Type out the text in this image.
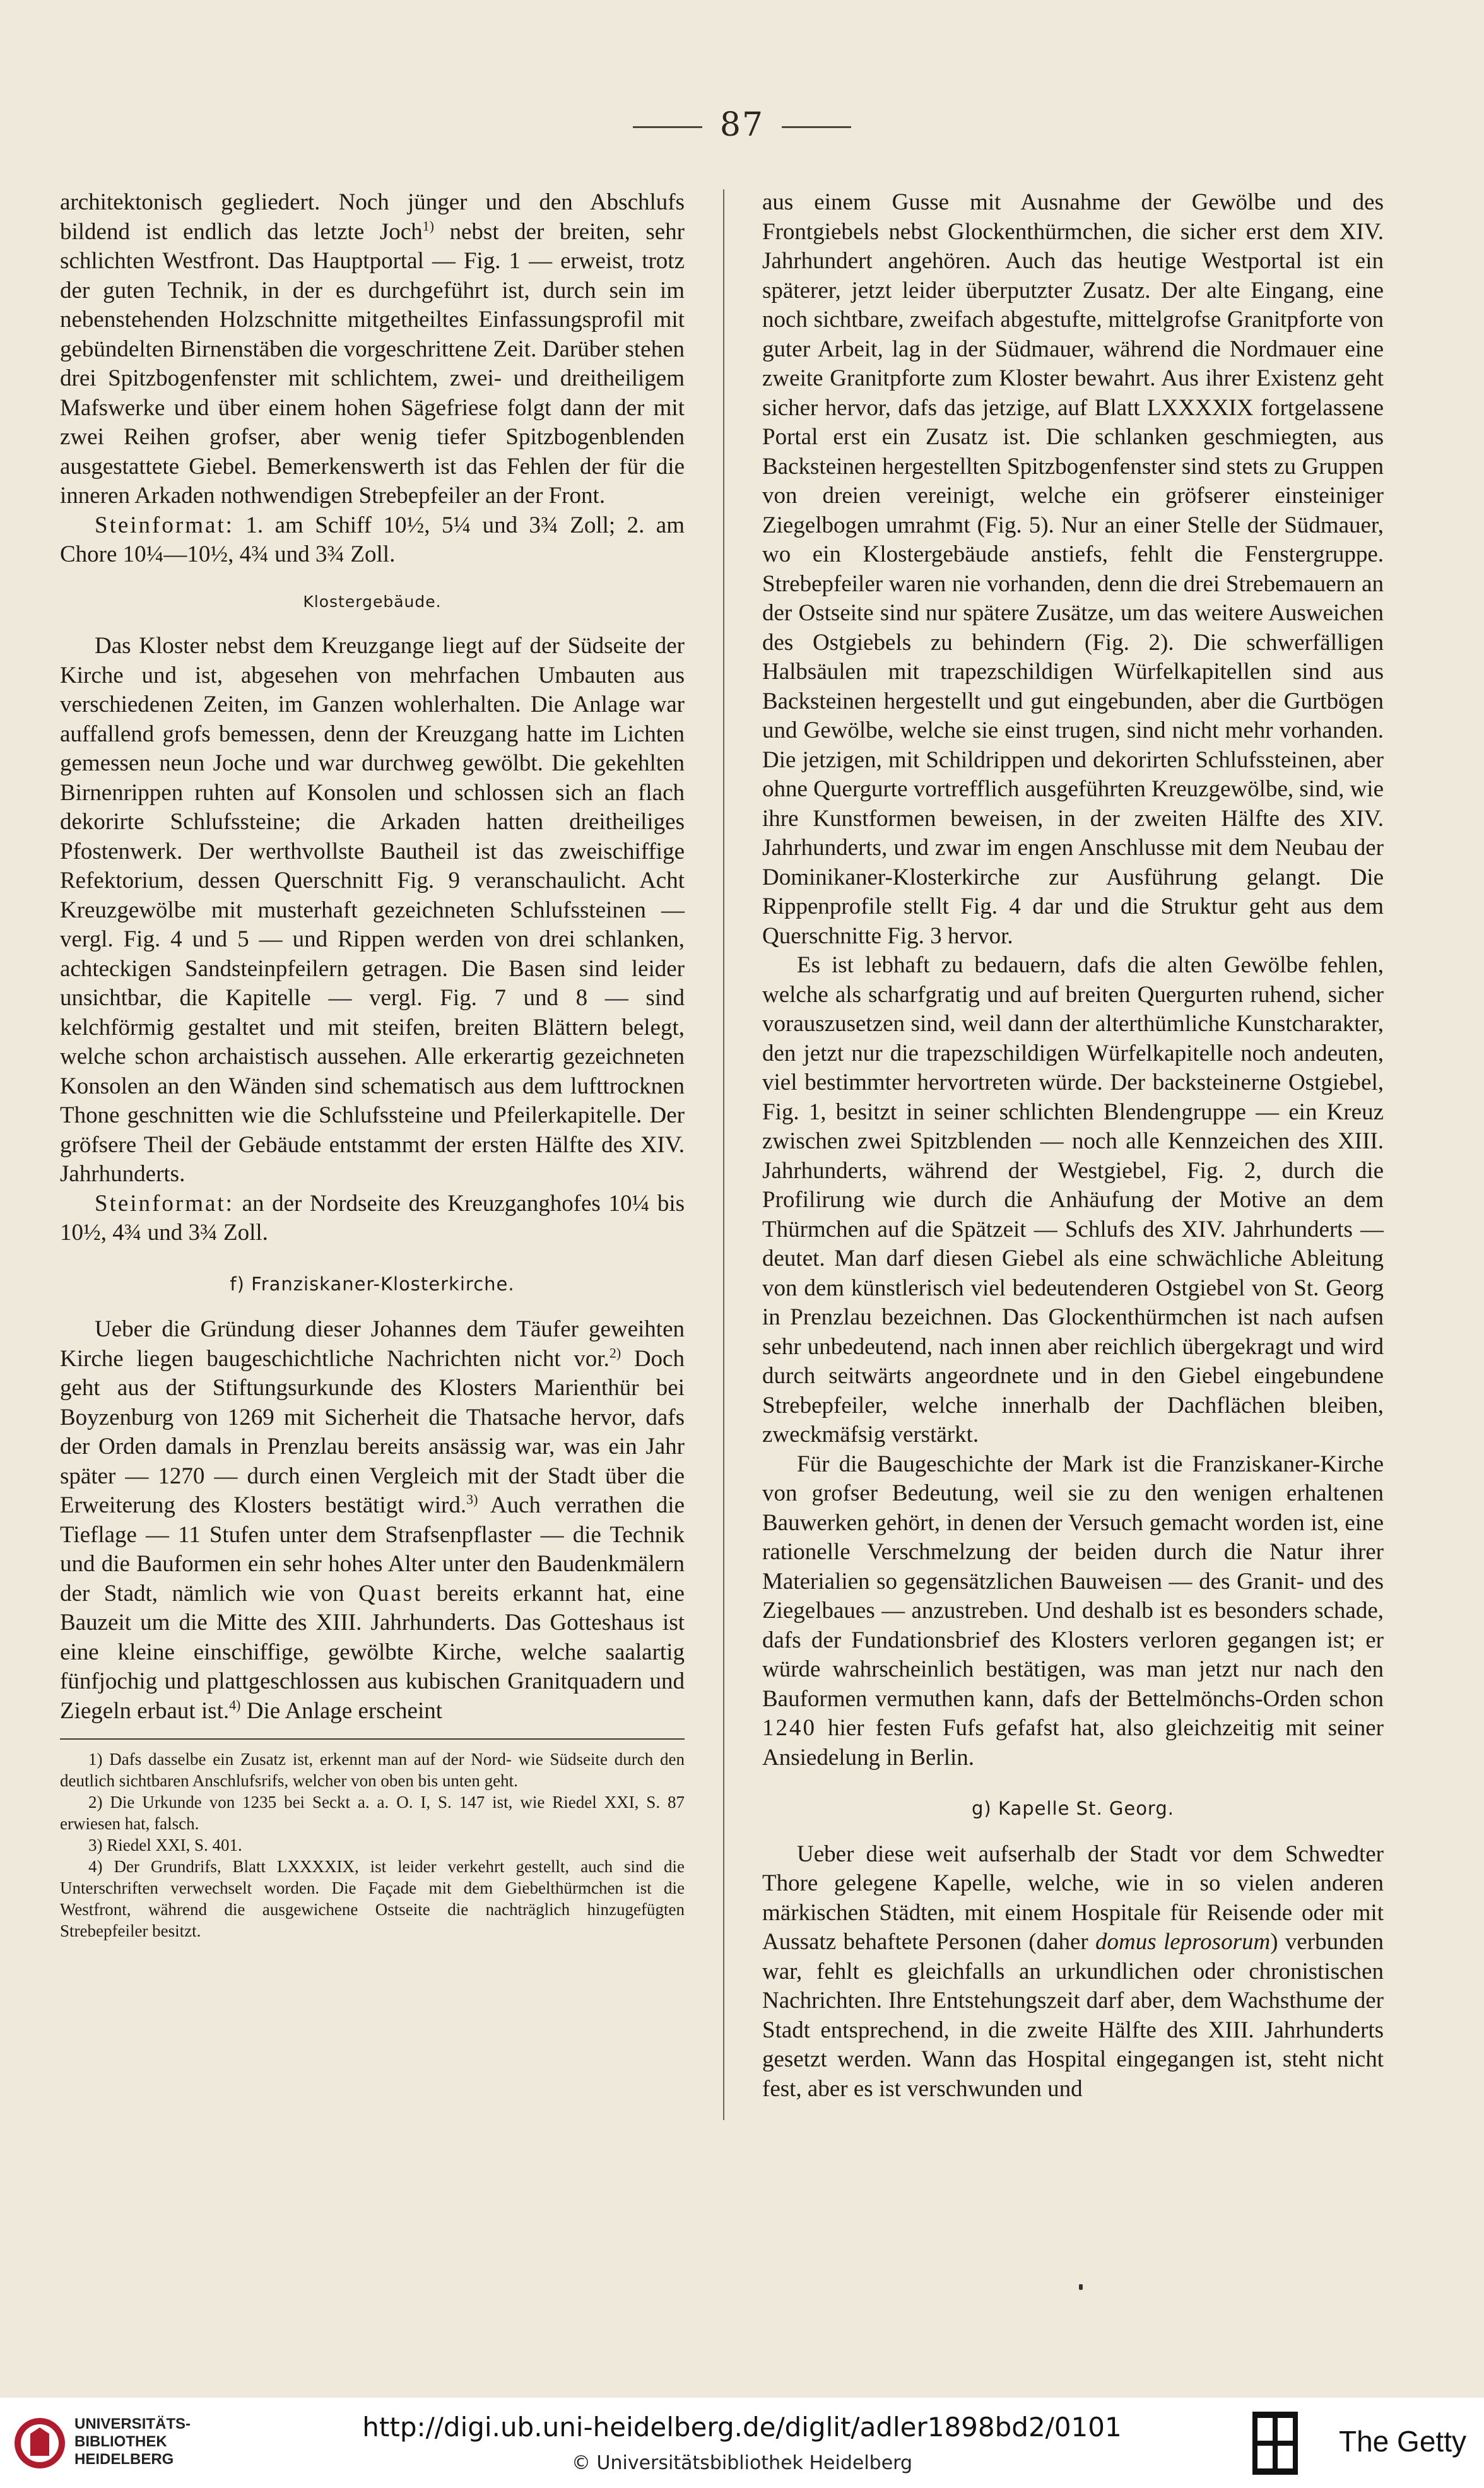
87

architektonisch gegliedert. Noch jünger und den Abschlufs bildend ist endlich das letzte Joch$^{1)}$ nebst der breiten, sehr schlichten Westfront. Das Hauptportal — Fig. 1 — erweist, trotz der guten Technik, in der es durchgeführt ist, durch sein im nebenstehenden Holzschnitte mitgetheiltes Einfassungsprofil mit gebündelten Birnenstäben die vorgeschrittene Zeit. Darüber stehen drei Spitzbogenfenster mit schlichtem, zwei- und dreitheiligem Mafswerke und über einem hohen Sägefriese folgt dann der mit zwei Reihen grofser, aber wenig tiefer Spitzbogenblenden ausgestattete Giebel. Bemerkenswerth ist das Fehlen der für die inneren Arkaden nothwendigen Strebepfeiler an der Front.

Steinformat: 1. am Schiff 10½, 5¼ und 3¾ Zoll; 2. am Chore 10¼—10½, 4¾ und 3¾ Zoll.

Klostergebäude.

Das Kloster nebst dem Kreuzgange liegt auf der Südseite der Kirche und ist, abgesehen von mehrfachen Umbauten aus verschiedenen Zeiten, im Ganzen wohlerhalten. Die Anlage war auffallend grofs bemessen, denn der Kreuzgang hatte im Lichten gemessen neun Joche und war durchweg gewölbt. Die gekehlten Birnenrippen ruhten auf Konsolen und schlossen sich an flach dekorirte Schlufssteine; die Arkaden hatten dreitheiliges Pfostenwerk. Der werthvollste Bautheil ist das zweischiffige Refektorium, dessen Querschnitt Fig. 9 veranschaulicht. Acht Kreuzgewölbe mit musterhaft gezeichneten Schlufssteinen — vergl. Fig. 4 und 5 — und Rippen werden von drei schlanken, achteckigen Sandsteinpfeilern getragen. Die Basen sind leider unsichtbar, die Kapitelle — vergl. Fig. 7 und 8 — sind kelchförmig gestaltet und mit steifen, breiten Blättern belegt, welche schon archaistisch aussehen. Alle erkerartig gezeichneten Konsolen an den Wänden sind schematisch aus dem lufttrocknen Thone geschnitten wie die Schlufssteine und Pfeilerkapitelle. Der gröfsere Theil der Gebäude entstammt der ersten Hälfte des XIV. Jahrhunderts.

Steinformat: an der Nordseite des Kreuzganghofes 10¼ bis 10½, 4¾ und 3¾ Zoll.

f) Franziskaner-Klosterkirche.

Ueber die Gründung dieser Johannes dem Täufer geweihten Kirche liegen baugeschichtliche Nachrichten nicht vor.$^{2)}$ Doch geht aus der Stiftungsurkunde des Klosters Marienthür bei Boyzenburg von 1269 mit Sicherheit die Thatsache hervor, dafs der Orden damals in Prenzlau bereits ansässig war, was ein Jahr später — 1270 — durch einen Vergleich mit der Stadt über die Erweiterung des Klosters bestätigt wird.$^{3)}$ Auch verrathen die Tieflage — 11 Stufen unter dem Strafsenpflaster — die Technik und die Bauformen ein sehr hohes Alter unter den Baudenkmälern der Stadt, nämlich wie von Quast bereits erkannt hat, eine Bauzeit um die Mitte des XIII. Jahrhunderts. Das Gotteshaus ist eine kleine einschiffige, gewölbte Kirche, welche saalartig fünfjochig und plattgeschlossen aus kubischen Granitquadern und Ziegeln erbaut ist.$^{4)}$ Die Anlage erscheint

1) Dafs dasselbe ein Zusatz ist, erkennt man auf der Nord- wie Südseite durch den deutlich sichtbaren Anschlufsrifs, welcher von oben bis unten geht.

2) Die Urkunde von 1235 bei Seckt a. a. O. I, S. 147 ist, wie Riedel XXI, S. 87 erwiesen hat, falsch.

3) Riedel XXI, S. 401.

4) Der Grundrifs, Blatt LXXXXIX, ist leider verkehrt gestellt, auch sind die Unterschriften verwechselt worden. Die Façade mit dem Giebelthürmchen ist die Westfront, während die ausgewichene Ostseite die nachträglich hinzugefügten Strebepfeiler besitzt.

aus einem Gusse mit Ausnahme der Gewölbe und des Frontgiebels nebst Glockenthürmchen, die sicher erst dem XIV. Jahrhundert angehören. Auch das heutige Westportal ist ein späterer, jetzt leider überputzter Zusatz. Der alte Eingang, eine noch sichtbare, zweifach abgestufte, mittelgrofse Granitpforte von guter Arbeit, lag in der Südmauer, während die Nordmauer eine zweite Granitpforte zum Kloster bewahrt. Aus ihrer Existenz geht sicher hervor, dafs das jetzige, auf Blatt LXXXXIX fortgelassene Portal erst ein Zusatz ist. Die schlanken geschmiegten, aus Backsteinen hergestellten Spitzbogenfenster sind stets zu Gruppen von dreien vereinigt, welche ein gröfserer einsteiniger Ziegelbogen umrahmt (Fig. 5). Nur an einer Stelle der Südmauer, wo ein Klostergebäude anstiefs, fehlt die Fenstergruppe. Strebepfeiler waren nie vorhanden, denn die drei Strebemauern an der Ostseite sind nur spätere Zusätze, um das weitere Ausweichen des Ostgiebels zu behindern (Fig. 2). Die schwerfälligen Halbsäulen mit trapezschildigen Würfelkapitellen sind aus Backsteinen hergestellt und gut eingebunden, aber die Gurtbögen und Gewölbe, welche sie einst trugen, sind nicht mehr vorhanden. Die jetzigen, mit Schildrippen und dekorirten Schlufssteinen, aber ohne Quergurte vortrefflich ausgeführten Kreuzgewölbe, sind, wie ihre Kunstformen beweisen, in der zweiten Hälfte des XIV. Jahrhunderts, und zwar im engen Anschlusse mit dem Neubau der Dominikaner-Klosterkirche zur Ausführung gelangt. Die Rippenprofile stellt Fig. 4 dar und die Struktur geht aus dem Querschnitte Fig. 3 hervor.

Es ist lebhaft zu bedauern, dafs die alten Gewölbe fehlen, welche als scharfgratig und auf breiten Quergurten ruhend, sicher vorauszusetzen sind, weil dann der alterthümliche Kunstcharakter, den jetzt nur die trapezschildigen Würfelkapitelle noch andeuten, viel bestimmter hervortreten würde. Der backsteinerne Ostgiebel, Fig. 1, besitzt in seiner schlichten Blendengruppe — ein Kreuz zwischen zwei Spitzblenden — noch alle Kennzeichen des XIII. Jahrhunderts, während der Westgiebel, Fig. 2, durch die Profilirung wie durch die Anhäufung der Motive an dem Thürmchen auf die Spätzeit — Schlufs des XIV. Jahrhunderts — deutet. Man darf diesen Giebel als eine schwächliche Ableitung von dem künstlerisch viel bedeutenderen Ostgiebel von St. Georg in Prenzlau bezeichnen. Das Glockenthürmchen ist nach aufsen sehr unbedeutend, nach innen aber reichlich übergekragt und wird durch seitwärts angeordnete und in den Giebel eingebundene Strebepfeiler, welche innerhalb der Dachflächen bleiben, zweckmäfsig verstärkt.

Für die Baugeschichte der Mark ist die Franziskaner-Kirche von grofser Bedeutung, weil sie zu den wenigen erhaltenen Bauwerken gehört, in denen der Versuch gemacht worden ist, eine rationelle Verschmelzung der beiden durch die Natur ihrer Materialien so gegensätzlichen Bauweisen — des Granit- und des Ziegelbaues — anzustreben. Und deshalb ist es besonders schade, dafs der Fundationsbrief des Klosters verloren gegangen ist; er würde wahrscheinlich bestätigen, was man jetzt nur nach den Bauformen vermuthen kann, dafs der Bettelmönchs-Orden schon 1240 hier festen Fufs gefafst hat, also gleichzeitig mit seiner Ansiedelung in Berlin.

g) Kapelle St. Georg.

Ueber diese weit aufserhalb der Stadt vor dem Schwedter Thore gelegene Kapelle, welche, wie in so vielen anderen märkischen Städten, mit einem Hospitale für Reisende oder mit Aussatz behaftete Personen (daher domus leprosorum) verbunden war, fehlt es gleichfalls an urkundlichen oder chronistischen Nachrichten. Ihre Entstehungszeit darf aber, dem Wachsthume der Stadt entsprechend, in die zweite Hälfte des XIII. Jahrhunderts gesetzt werden. Wann das Hospital eingegangen ist, steht nicht fest, aber es ist verschwunden und

UNIVERSITÄTS-
BIBLIOTHEK
HEIDELBERG
http://digi.ub.uni-heidelberg.de/diglit/adler1898bd2/0101
© Universitätsbibliothek Heidelberg
The Getty
